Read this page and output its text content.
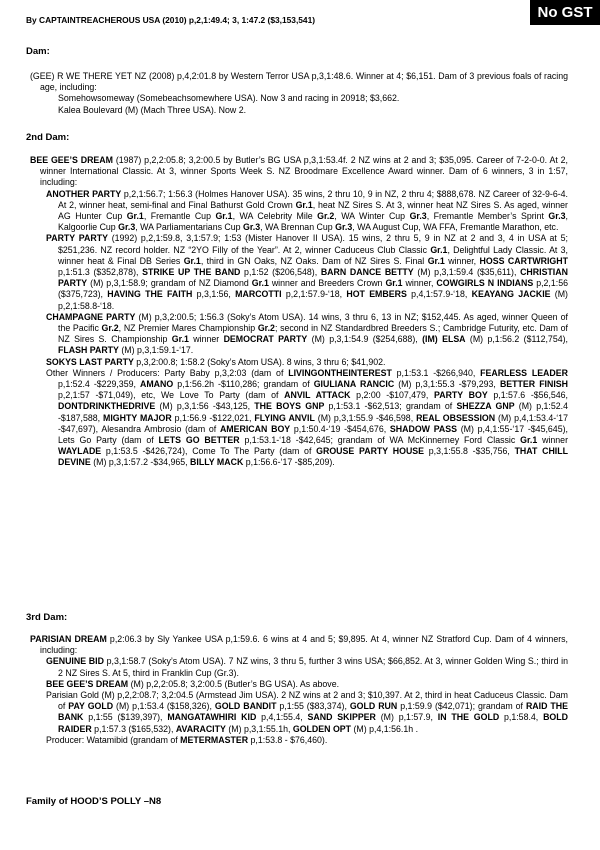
No GST
By CAPTAINTREACHEROUS USA (2010) p,2,1:49.4; 3, 1:47.2 ($3,153,541)
Dam:

(GEE) R WE THERE YET NZ (2008) p,4,2:01.8 by Western Terror USA p,3,1:48.6. Winner at 4; $6,151. Dam of 3 previous foals of racing age, including:

Somehowsomeway (Somebeachsomewhere USA). Now 3 and racing in 20918; $3,662.

Kalea Boulevard (M) (Mach Three USA). Now 2.

2nd Dam:

BEE GEE’S DREAM (1987) p,2,2:05.8; 3,2:00.5 by Butler’s BG USA p,3,1:53.4f. 2 NZ wins at 2 and 3; $35,095. Career of 7-2-0-0. At 2, winner International Classic. At 3, winner Sports Week S. NZ Broodmare Excellence Award winner. Dam of 6 winners, 3 in 1:57, including:

ANOTHER PARTY p,2,1:56.7; 1:56.3 (Holmes Hanover USA). 35 wins, 2 thru 10, 9 in NZ, 2 thru 4; $888,678. NZ Career of 32-9-6-4. At 2, winner heat, semi-final and Final Bathurst Gold Crown Gr.1, heat NZ Sires S. At 3, winner heat NZ Sires S. As aged, winner AG Hunter Cup Gr.1, Fremantle Cup Gr.1, WA Celebrity Mile Gr.2, WA Winter Cup Gr.3, Fremantle Member’s Sprint Gr.3, Kalgoorlie Cup Gr.3, WA Parliamentarians Cup Gr.3, WA Brennan Cup Gr.3, WA August Cup, WA FFA, Fremantle Marathon, etc.

PARTY PARTY (1992) p,2,1:59.8, 3,1:57.9; 1:53 (Mister Hanover II USA). 15 wins, 2 thru 5, 9 in NZ at 2 and 3, 4 in USA at 5; $251,236. NZ record holder. NZ “2YO Filly of the Year”. At 2, winner Caduceus Club Classic Gr.1, Delightful Lady Classic. At 3, winner heat & Final DB Series Gr.1, third in GN Oaks, NZ Oaks. Dam of NZ Sires S. Final Gr.1 winner, HOSS CARTWRIGHT p,1:51.3 ($352,878), STRIKE UP THE BAND p,1:52 ($206,548), BARN DANCE BETTY (M) p,3,1:59.4 ($35,611), CHRISTIAN PARTY (M) p,3,1:58.9; grandam of NZ Diamond Gr.1 winner and Breeders Crown Gr.1 winner, COWGIRLS N INDIANS p,2,1:56 ($375,723), HAVING THE FAITH p,3,1:56, MARCOTTI p,2,1:57.9-‘18, HOT EMBERS p,4,1:57.9-‘18, KEAYANG JACKIE (M) p,2,1:58.8-‘18.

CHAMPAGNE PARTY (M) p,3,2:00.5; 1:56.3 (Soky’s Atom USA). 14 wins, 3 thru 6, 13 in NZ; $152,445. As aged, winner Queen of the Pacific Gr.2, NZ Premier Mares Championship Gr.2; second in NZ Standardbred Breeders S.; Cambridge Futurity, etc. Dam of NZ Sires S. Championship Gr.1 winner DEMOCRAT PARTY (M) p,3,1:54.9 ($254,688), (IM) ELSA (M) p,1:56.2 ($112,754), FLASH PARTY (M) p,3,1:59.1-‘17.

SOKYS LAST PARTY p,3,2:00.8; 1:58.2 (Soky’s Atom USA). 8 wins, 3 thru 6; $41,902.

Other Winners / Producers: Party Baby p,3,2:03 (dam of LIVINGONTHEINTEREST p,1:53.1 -$266,940, FEARLESS LEADER p,1:52.4 -$229,359, AMANO p,1:56.2h -$110,286; grandam of GIULIANA RANCIC (M) p,3,1:55.3 -$79,293, BETTER FINISH p,2,1:57 -$71,049), etc, We Love To Party (dam of ANVIL ATTACK p,2:00 -$107,479, PARTY BOY p,1:57.6 -$56,546, DONTDRINKTHEDRIVE (M) p,3,1:56 -$43,125, THE BOYS GNP p,1:53.1 -$62,513; grandam of SHEZZA GNP (M) p,1:52.4 -$187,588, MIGHTY MAJOR p,1:56.9 -$122,021, FLYING ANVIL (M) p,3,1:55.9 -$46,598, REAL OBSESSION (M) p,4,1:53.4-‘17 -$47,697), Alesandra Ambrosio (dam of AMERICAN BOY p,1:50.4-‘19 -$454,676, SHADOW PASS (M) p,4,1:55-‘17 -$45,645), Lets Go Party (dam of LETS GO BETTER p,1:53.1-‘18 -$42,645; grandam of WA McKinnerney Ford Classic Gr.1 winner WAYLADE p,1:53.5 -$426,724), Come To The Party (dam of GROUSE PARTY HOUSE p,3,1:55.8 -$35,756, THAT CHILL DEVINE (M) p,3,1:57.2 -$34,965, BILLY MACK p,1:56.6-‘17 -$85,209).

3rd Dam:

PARISIAN DREAM p,2:06.3 by Sly Yankee USA p,1:59.6. 6 wins at 4 and 5; $9,895. At 4, winner NZ Stratford Cup. Dam of 4 winners, including:

GENUINE BID p,3,1:58.7 (Soky’s Atom USA). 7 NZ wins, 3 thru 5, further 3 wins USA; $66,852. At 3, winner Golden Wing S.; third in 2 NZ Sires S. At 5, third in Franklin Cup (Gr.3).

BEE GEE’S DREAM (M) p,2,2:05.8; 3,2:00.5 (Butler’s BG USA). As above.

Parisian Gold (M) p,2,2:08.7; 3,2:04.5 (Armstead Jim USA). 2 NZ wins at 2 and 3; $10,397. At 2, third in heat Caduceus Classic. Dam of PAY GOLD (M) p,1:53.4 ($158,326), GOLD BANDIT p,1:55 ($83,374), GOLD RUN p,1:59.9 ($42,071); grandam of RAID THE BANK p,1:55 ($139,397), MANGATAWHIRI KID p,4,1:55.4, SAND SKIPPER (M) p,1:57.9, IN THE GOLD p,1:58.4, BOLD RAIDER p,1:57.3 ($165,532), AVARACITY (M) p,3,1:55.1h, GOLDEN OPT (M) p,4,1:56.1h .

Producer: Watamibid (grandam of METERMASTER p,1:53.8 - $76,460).

Family of HOOD’S POLLY –N8
